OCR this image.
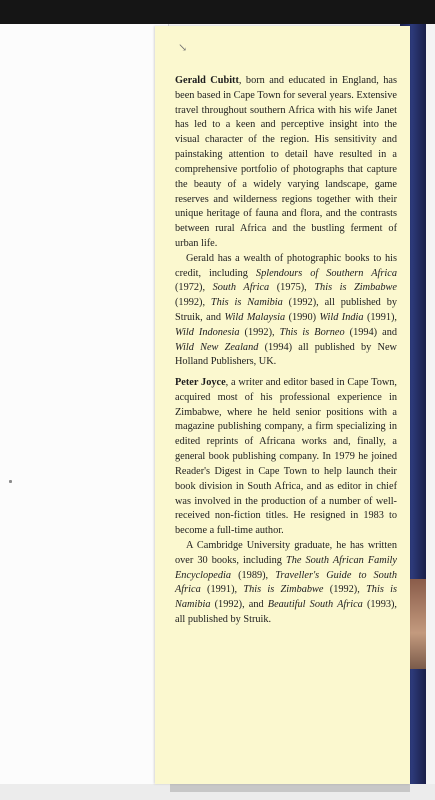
↘

Gerald Cubitt, born and educated in England, has been based in Cape Town for several years. Extensive travel throughout southern Africa with his wife Janet has led to a keen and perceptive insight into the visual character of the region. His sensitivity and painstaking attention to detail have resulted in a comprehensive portfolio of photographs that capture the beauty of a widely varying landscape, game reserves and wilderness regions together with their unique heritage of fauna and flora, and the contrasts between rural Africa and the bustling ferment of urban life.

Gerald has a wealth of photographic books to his credit, including Splendours of Southern Africa (1972), South Africa (1975), This is Zimbabwe (1992), This is Namibia (1992), all published by Struik, and Wild Malaysia (1990) Wild India (1991), Wild Indonesia (1992), This is Borneo (1994) and Wild New Zealand (1994) all published by New Holland Publishers, UK.

Peter Joyce, a writer and editor based in Cape Town, acquired most of his professional experience in Zimbabwe, where he held senior positions with a magazine publishing company, a firm specializing in edited reprints of Africana works and, finally, a general book publishing company. In 1979 he joined Reader's Digest in Cape Town to help launch their book division in South Africa, and as editor in chief was involved in the production of a number of well-received non-fiction titles. He resigned in 1983 to become a full-time author.

A Cambridge University graduate, he has written over 30 books, including The South African Family Encyclopedia (1989), Traveller's Guide to South Africa (1991), This is Zimbabwe (1992), This is Namibia (1992), and Beautiful South Africa (1993), all published by Struik.
